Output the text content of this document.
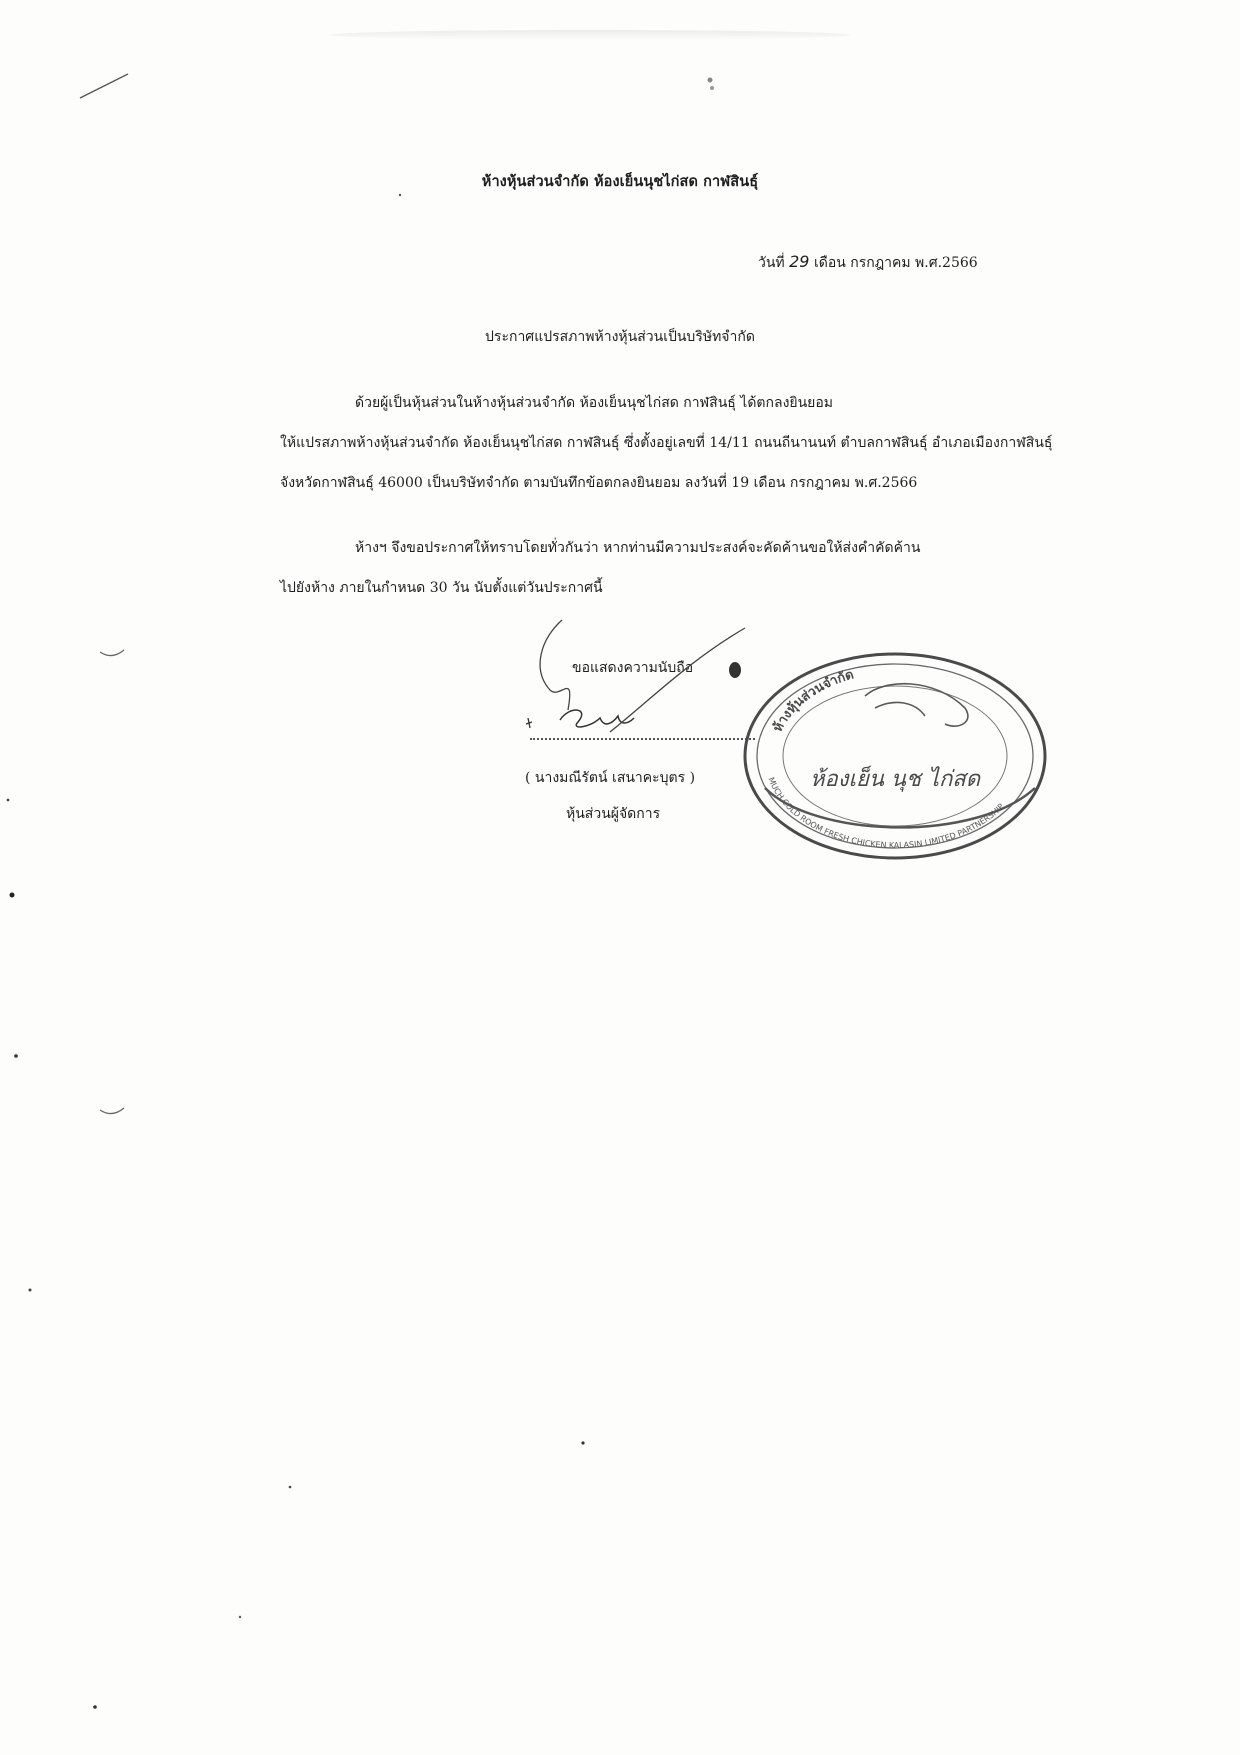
ห้างหุ้นส่วนจำกัด ห้องเย็นนุชไก่สด กาฬสินธุ์
วันที่ 29 เดือน กรกฎาคม พ.ศ.2566
ประกาศแปรสภาพห้างหุ้นส่วนเป็นบริษัทจำกัด
ด้วยผู้เป็นหุ้นส่วนในห้างหุ้นส่วนจำกัด ห้องเย็นนุชไก่สด กาฬสินธุ์ ได้ตกลงยินยอม
ให้แปรสภาพห้างหุ้นส่วนจำกัด ห้องเย็นนุชไก่สด กาฬสินธุ์ ซึ่งตั้งอยู่เลขที่ 14/11 ถนนถีนานนท์ ตำบลกาฬสินธุ์ อำเภอเมืองกาฬสินธุ์
จังหวัดกาฬสินธุ์ 46000 เป็นบริษัทจำกัด ตามบันทึกข้อตกลงยินยอม ลงวันที่ 19 เดือน กรกฎาคม พ.ศ.2566
ห้างฯ จึงขอประกาศให้ทราบโดยทั่วกันว่า หากท่านมีความประสงค์จะคัดค้านขอให้ส่งคำคัดค้าน
ไปยังห้าง ภายในกำหนด 30 วัน นับตั้งแต่วันประกาศนี้
ขอแสดงความนับถือ
( นางมณีรัตน์ เสนาคะบุตร )
หุ้นส่วนผู้จัดการ
ห้างหุ้นส่วนจำกัด
MUCH COLD ROOM FRESH CHICKEN KALASIN LIMITED PARTNERSHIP
ห้องเย็น นุช ไก่สด
